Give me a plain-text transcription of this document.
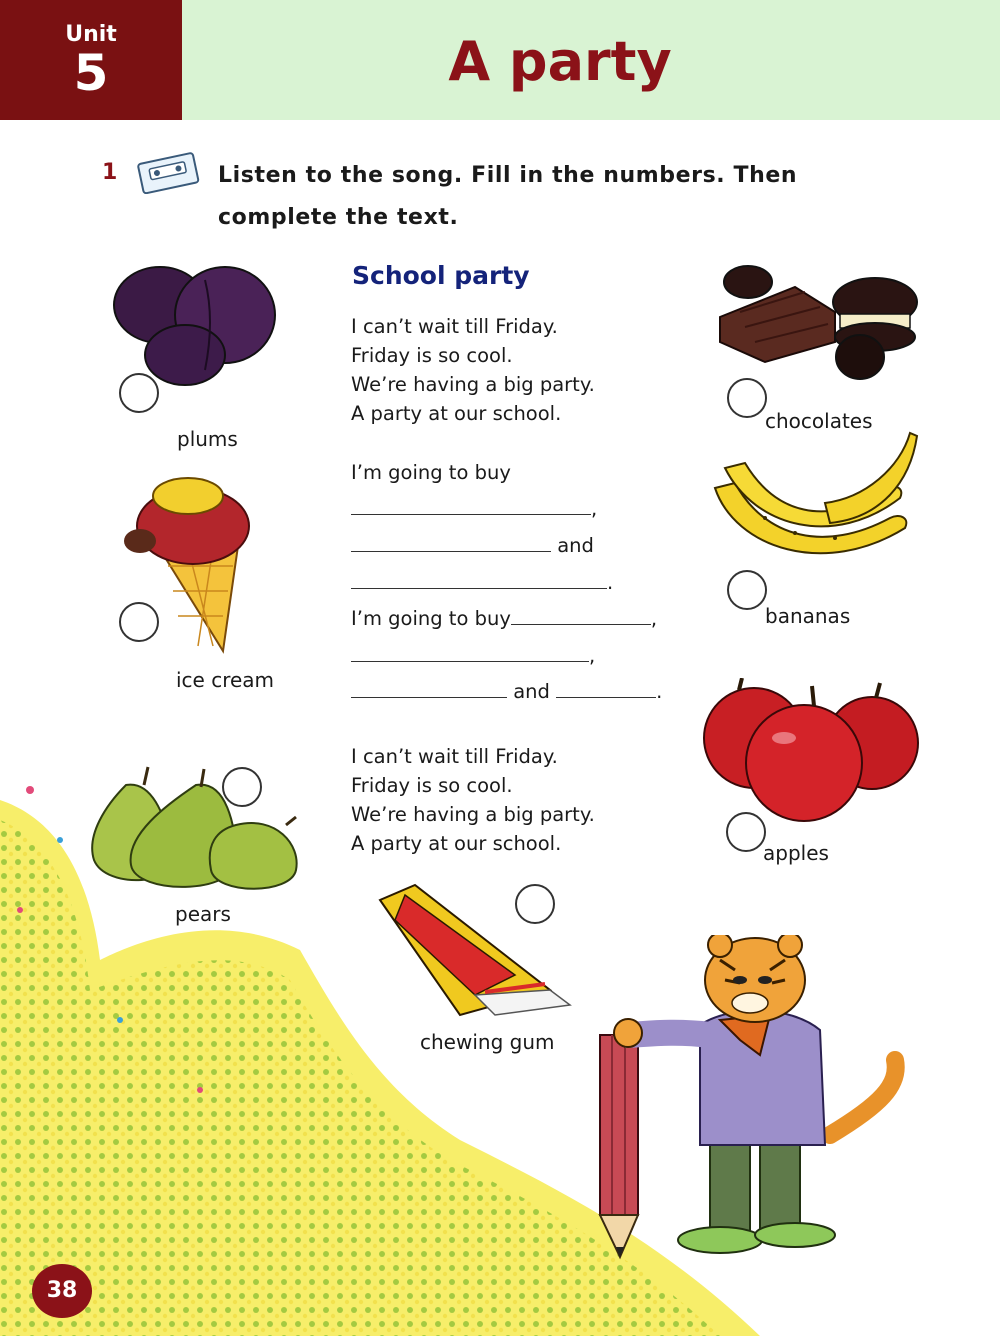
Unit
5	A party
1	Listen to the song. Fill in the numbers. Then complete the text.
School party
I can’t wait till Friday.
Friday is so cool.
We’re having a big party.
A party at our school.
I’m going to buy
,
and
.
I’m going to buy	,
,
and	.
I can’t wait till Friday.
Friday is so cool.
We’re having a big party.
A party at our school.
plums
ice cream
pears
chocolates
bananas
apples
chewing gum
38
